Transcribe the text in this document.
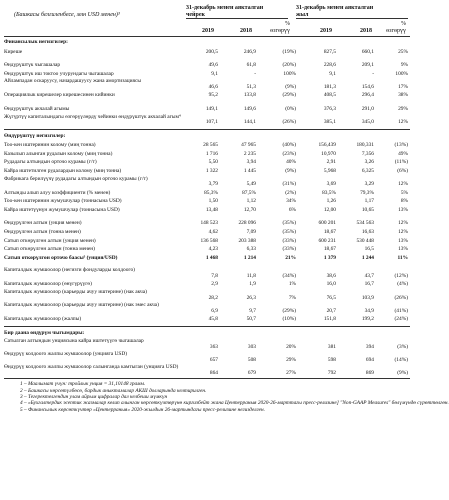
(Башкасы белгиленбесе, млн USD менен)³
31-декабрь менен аякталган чейрек
31-декабрь менен аякталган жыл
2019	2018
% өзгөрүү	2019	2018
% өзгөрүү
Финансылык негизгилер:
Киреше	200,5	246,9	(19%)	827,5	660,1	25%
Өндүрүштүк чыгашалар	49,6	61,8	(20%)	228,6	209,1	9%
Өндүрүштүк иш токтоо учурундагы чыгашалар	9,1	-	100%	9,1	-	100%
Айлампадан оскаруусу, начардашуусу жана амортизациясы
46,6	51,3	(9%)	181,3	154,6	17%
Операциялык кирешелер кирешесинен кийинки	95,2	133,8	(29%)	408,5	296,4	38%
Өндүрүштүк акчалай агымы	149,1	149,6	(0%)	376,3	291,0	29%
Жүгүртүү капиталындагы өзгөрүүлөрдү чейинки өндүрүштүк акчалай агым⁴
107,1	144,1	(26%)	385,1	345,0	12%
Өндүрүштүү негизгилер:
Тоо-кен иштеринин колому (миң тонна)	28 565	47 965	(40%)	156,439	180,331	(13%)
Казылып алынган рудалын колому (миң тонна)	1 716	2 235	(23%)	10,970	7,356	49%
Рудадагы алтындын орточо курамы (г/т)	5,50	3,94	40%	2,91	3,26	(11%)
Кайра иштетилген рудалардын колому (миң тонна)	1 322	1 445	(9%)	5,968	6,325	(6%)
Фабрикага берилүүчү рудадагы алтындын орточо курамы (г/т)
3,79	5,49	(31%)	3,69	3,29	12%
Алтынды алып алуу коэффициенти (% менен)	85,3%	87,5%	(2%)	83,5%	79,3%	5%
Тоо-кен иштеринин жумушчулар (тоннасына USD)	1,50	1,12	34%	1,26	1,17	8%
Кайра иштетүүнүн жумушчулар (тоннасына USD)	13,48	12,70	6%	12,00	10,65	13%
Өндүрүлгөн алтын (унция менен)	148 523	228 096	(35%)	600 201	534 563	12%
Өндүрүлгөн алтын (тонна менен)	4,62	7,09	(35%)	18,67	16,63	12%
Сатып откөрүлгөн алтын (унция менен)	136 568	203 388	(33%)	600 231	530 448	13%
Сатып откөрүлгөн алтын (тонна менен)	4,23	6,33	(33%)	18,67	16,5	13%
Сатып откөрүлгөн орточо баасы⁵ (унция/USD)	1 468	1 214	21%	1 379	1 244	11%
Капиталдык жумшоолор (негизги фондуларды колдоого)
7,8	11,8	(34%)	38,6	43,7	(12%)
Капиталдык жумшоолор (өнүгүрүүгө)	2,9	1,9	1%	16,0	16,7	(4%)
Капиталдык жумшоолор (карьерды ачуу иштерине) (нак акча)
28,2	26,3	7%	76,5	103,9	(26%)
Капиталдык жумшоолор (карьерды ачуу иштерине) (нак эмес акча)
6,9	9,7	(29%)	20,7	34,9	(41%)
Капиталдык жумшоолор (жалпы)	45,8	50,7	(10%)	151,8	199,2	(24%)
Бир даана өндүрүм чыгымдары:
Сатылган алтындын унциясына кайра иштетүүгө чыгашалар
363	303	20%	381	394	(3%)
Өндүрүү колдоого жалпы жумшоолор (унцияга USD)
657	508	29%	598	694	(14%)
Өндүрүү колдоого жалпы жумшоолор салынганда камтыган (унцияга USD)
864	679	27%	792	869	(9%)
1 – Маалымат үчүн: тройлык унция = 31,10148 грамм.
2 – Башкасы көрсөтүлбөсө, бардык аныктамалар АКШ долларында келтирилген.
3 – Тегеректелгендин улам айрым цифралар дал келбеши мүмкүн
4 – «Бухгалтердик эсептик жазмалар келип алынган көрсөткүчтөрүнө киргизбейт жана Центерраныя 2020-26-марттагы пресс-релизине] "Non-GAAP Measures" бөлүмүндө сүрөттөлгөн.
5 – Финансылык көрсөткүчтөр «Центерраныя» 2020-жылдын 26-мартындагы пресс-релизине негизделген.
